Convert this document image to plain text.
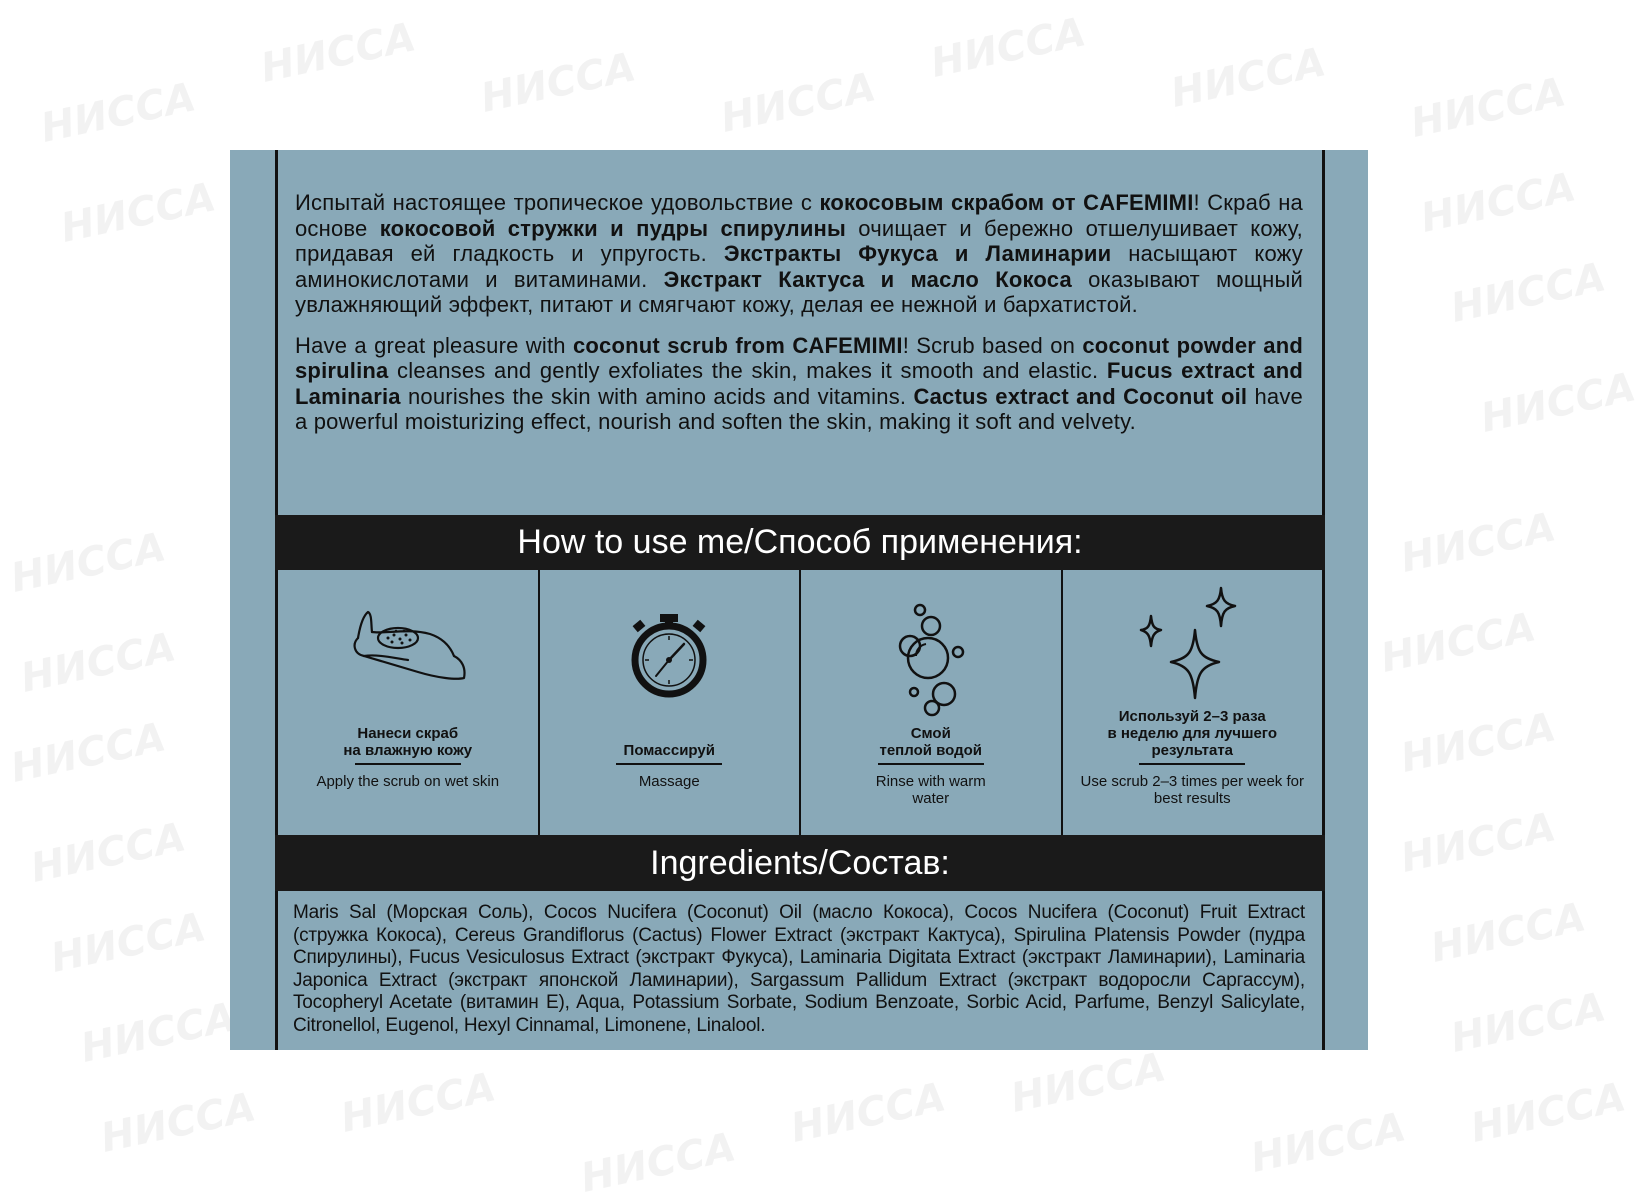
НИССА
НИССА НИССА НИССА
НИССА НИССА НИССА
НИССА	НИССА
НИССА
НИССА
НИССА	НИССА
НИССА	НИССА
НИССА	НИССА
НИССА	НИССА
НИССА	НИССА
НИССА	НИССА
НИССА НИССА
НИССА
НИССА НИССА
НИССА НИССА

Испытай настоящее тропическое удовольствие с кокосовым скрабом от CAFEMIMI! Скраб на основе кокосовой стружки и пудры спирулины очищает и бережно отшелушивает кожу, придавая ей гладкость и упругость. Экстракты Фукуса и Ламинарии насыщают кожу аминокислотами и витаминами. Экстракт Кактуса и масло Кокоса оказывают мощный увлажняющий эффект, питают и смягчают кожу, делая ее нежной и бархатистой.

Have a great pleasure with coconut scrub from CAFEMIMI! Scrub based on coconut powder and spirulina cleanses and gently exfoliates the skin, makes it smooth and elastic. Fucus extract and Laminaria nourishes the skin with amino acids and vitamins. Cactus extract and Coconut oil have a powerful moisturizing effect, nourish and soften the skin, making it soft and velvety.

How to use me/Способ применения:
Нанеси скраб
на влажную кожу
Apply the scrub on wet skin
Помассируй
Massage
Смой
теплой водой
Rinse with warm
water
Используй 2–3 раза
в неделю для лучшего
результата
Use scrub 2–3 times per week for
best results
Ingredients/Состав:
Maris Sal (Морская Соль), Cocos Nucifera (Coconut) Oil (масло Кокоса), Cocos Nucifera (Coconut) Fruit Extract (стружка Кокоса), Cereus Grandiflorus (Cactus) Flower Extract (экстракт Кактуса), Spirulina Platensis Powder (пудра Спирулины), Fucus Vesiculosus Extract (экстракт Фукуса), Laminaria Digitata Extract (экстракт Ламинарии), Laminaria Japonica Extract (экстракт японской Ламинарии), Sargassum Pallidum Extract (экстракт водоросли Саргассум), Tocopheryl Acetate (витамин Е), Aqua, Potassium Sorbate, Sodium Benzoate, Sorbic Acid, Parfume, Benzyl Salicylate, Citronellol, Eugenol, Hexyl Cinnamal, Limonene, Linalool.
